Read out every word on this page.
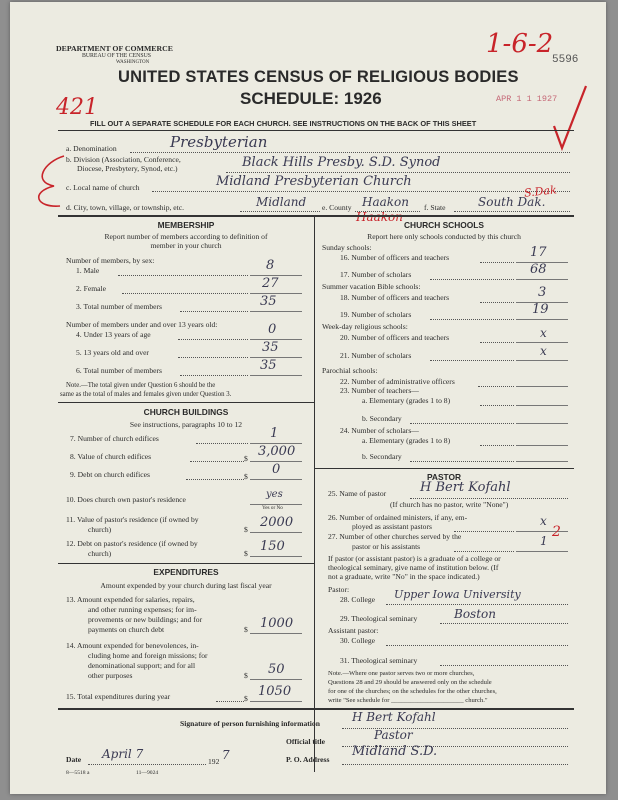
DEPARTMENT OF COMMERCE
BUREAU OF THE CENSUS
WASHINGTON
UNITED STATES CENSUS OF RELIGIOUS BODIES
SCHEDULE: 1926
FILL OUT A SEPARATE SCHEDULE FOR EACH CHURCH. SEE INSTRUCTIONS ON THE BACK OF THIS SHEET
1-6-2
5596
APR 1 1 1927
421
a. Denomination	Presbyterian
b. Division (Association, Conference,
Diocese, Presbytery, Synod, etc.)	Black Hills Presby. S.D. Synod
c. Local name of church	Midland Presbyterian Church
S.Dak
d. City, town, village, or township, etc.	Midland e. County Haakon f. State	South Dak.
Haakon
MEMBERSHIP
Report number of members according to definition of
member in your church
Number of members, by sex:
1. Male	8
2. Female	27
3. Total number of members	35
Number of members under and over 13 years old:
4. Under 13 years of age	0
5. 13 years old and over	35
6. Total number of members	35
Note.—The total given under Question 6 should be the
same as the total of males and females given under Question 3.
CHURCH BUILDINGS
See instructions, paragraphs 10 to 12
7. Number of church edifices	1
8. Value of church edifices	$ 3,000
9. Debt on church edifices	$ 0
10. Does church own pastor's residence	yes
Yes or No
11. Value of pastor's residence (if owned by
church)	$ 2000
12. Debt on pastor's residence (if owned by
church)	$ 150
EXPENDITURES
Amount expended by your church during last fiscal year
13. Amount expended for salaries, repairs,
and other running expenses; for im-
provements or new buildings; and for
payments on church debt	$ 1000
14. Amount expended for benevolences, in-
cluding home and foreign missions; for
denominational support; and for all
other purposes	$ 50
15. Total expenditures during year	$ 1050
CHURCH SCHOOLS
Report here only schools conducted by this church
Sunday schools:
16. Number of officers and teachers	17
17. Number of scholars	68
Summer vacation Bible schools:
18. Number of officers and teachers	3
19. Number of scholars	19
Week-day religious schools:
20. Number of officers and teachers	x
21. Number of scholars	x
Parochial schools:
22. Number of administrative officers
23. Number of teachers—
a. Elementary (grades 1 to 8)
b. Secondary
24. Number of scholars—
a. Elementary (grades 1 to 8)
b. Secondary
PASTOR
25. Name of pastor	H Bert Kofahl
(If church has no pastor, write "None")
26. Number of ordained ministers, if any, em-
ployed as assistant pastors	x
27. Number of other churches served by the
pastor or his assistants	1
2
If pastor (or assistant pastor) is a graduate of a college or
theological seminary, give name of institution below. (If
not a graduate, write "No" in the space indicated.)
Pastor:
28. College Upper Iowa University
29. Theological seminary	Boston
Assistant pastor:
30. College
31. Theological seminary
Note.—Where one pastor serves two or more churches,
Questions 28 and 29 should be answered only on the schedule
for one of the churches; on the schedules for the other churches,
write "See schedule for ______________________ church."
Signature of person furnishing information	H Bert Kofahl
Official title	Pastor
Date April 7
192 7	P. O. Address
Midland S.D.
8—5518 a	11—9024
